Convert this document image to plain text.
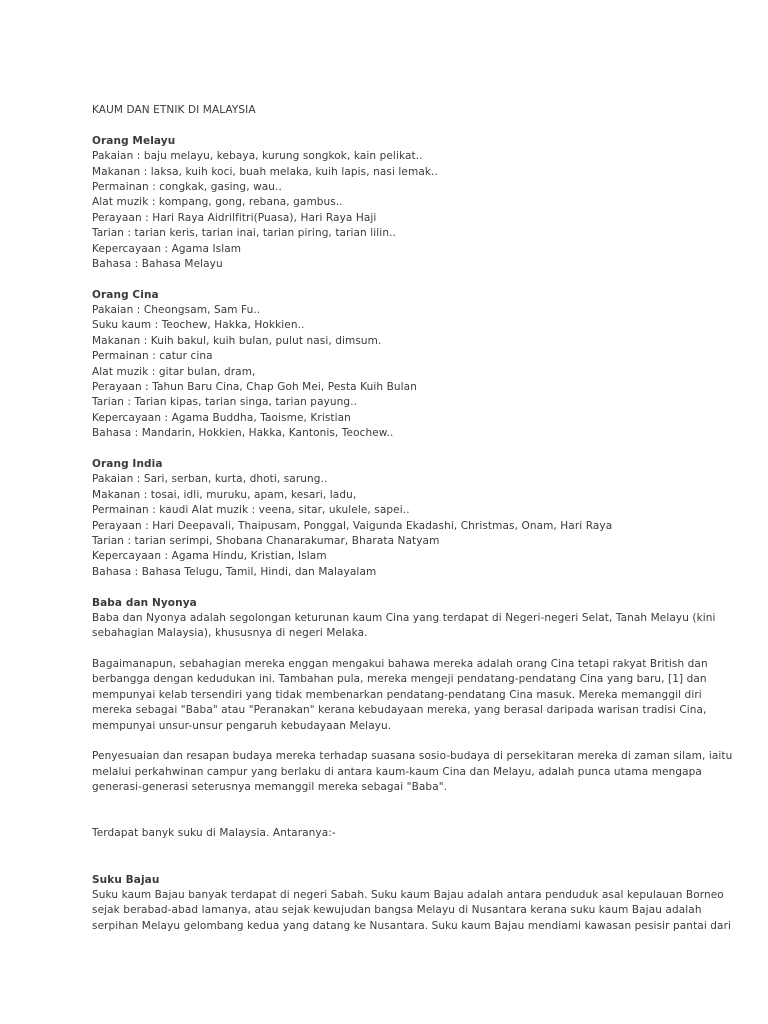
KAUM DAN ETNIK DI MALAYSIA
Orang Melayu
Pakaian : baju melayu, kebaya, kurung songkok, kain pelikat..
Makanan : laksa, kuih koci, buah melaka, kuih lapis, nasi lemak..
Permainan : congkak, gasing, wau..
Alat muzik : kompang, gong, rebana, gambus..
Perayaan : Hari Raya Aidrilfitri(Puasa), Hari Raya Haji
Tarian : tarian keris, tarian inai, tarian piring, tarian lilin..
Kepercayaan : Agama Islam
Bahasa : Bahasa Melayu
Orang Cina
Pakaian : Cheongsam, Sam Fu..
Suku kaum : Teochew, Hakka, Hokkien..
Makanan : Kuih bakul, kuih bulan, pulut nasi, dimsum.
Permainan : catur cina
Alat muzik : gitar bulan, dram,
Perayaan : Tahun Baru Cina, Chap Goh Mei, Pesta Kuih Bulan
Tarian : Tarian kipas, tarian singa, tarian payung..
Kepercayaan : Agama Buddha, Taoisme, Kristian
Bahasa : Mandarin, Hokkien, Hakka, Kantonis, Teochew..
Orang India
Pakaian : Sari, serban, kurta, dhoti, sarung..
Makanan : tosai, idli, muruku, apam, kesari, ladu,
Permainan : kaudi Alat muzik : veena, sitar, ukulele, sapei..
Perayaan : Hari Deepavali, Thaipusam, Ponggal, Vaigunda Ekadashi, Christmas, Onam, Hari Raya
Tarian : tarian serimpi, Shobana Chanarakumar, Bharata Natyam
Kepercayaan : Agama Hindu, Kristian, Islam
Bahasa : Bahasa Telugu, Tamil, Hindi, dan Malayalam
Baba dan Nyonya
Baba dan Nyonya adalah segolongan keturunan kaum Cina yang terdapat di Negeri-negeri Selat, Tanah Melayu (kini
sebahagian Malaysia), khususnya di negeri Melaka.
Bagaimanapun, sebahagian mereka enggan mengakui bahawa mereka adalah orang Cina tetapi rakyat British dan
berbangga dengan kedudukan ini. Tambahan pula, mereka mengeji pendatang-pendatang Cina yang baru, [1] dan
mempunyai kelab tersendiri yang tidak membenarkan pendatang-pendatang Cina masuk. Mereka memanggil diri
mereka sebagai "Baba" atau "Peranakan" kerana kebudayaan mereka, yang berasal daripada warisan tradisi Cina,
mempunyai unsur-unsur pengaruh kebudayaan Melayu.
Penyesuaian dan resapan budaya mereka terhadap suasana sosio-budaya di persekitaran mereka di zaman silam, iaitu
melalui perkahwinan campur yang berlaku di antara kaum-kaum Cina dan Melayu, adalah punca utama mengapa
generasi-generasi seterusnya memanggil mereka sebagai "Baba".
Terdapat banyk suku di Malaysia. Antaranya:-
Suku Bajau
Suku kaum Bajau banyak terdapat di negeri Sabah. Suku kaum Bajau adalah antara penduduk asal kepulauan Borneo
sejak berabad-abad lamanya, atau sejak kewujudan bangsa Melayu di Nusantara kerana suku kaum Bajau adalah
serpihan Melayu gelombang kedua yang datang ke Nusantara. Suku kaum Bajau mendiami kawasan pesisir pantai dari
